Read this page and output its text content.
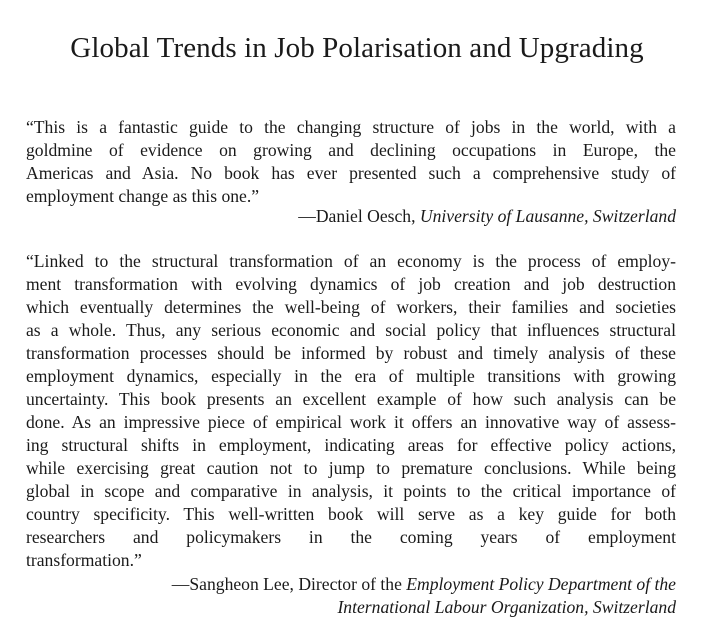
Global Trends in Job Polarisation and Upgrading
“This is a fantastic guide to the changing structure of jobs in the world, with a
goldmine of evidence on growing and declining occupations in Europe, the
Americas and Asia. No book has ever presented such a comprehensive study of
employment change as this one.”
—Daniel Oesch, University of Lausanne, Switzerland
“Linked to the structural transformation of an economy is the process of employ-
ment transformation with evolving dynamics of job creation and job destruction
which eventually determines the well-being of workers, their families and societies
as a whole. Thus, any serious economic and social policy that influences structural
transformation processes should be informed by robust and timely analysis of these
employment dynamics, especially in the era of multiple transitions with growing
uncertainty. This book presents an excellent example of how such analysis can be
done. As an impressive piece of empirical work it offers an innovative way of assess-
ing structural shifts in employment, indicating areas for effective policy actions,
while exercising great caution not to jump to premature conclusions. While being
global in scope and comparative in analysis, it points to the critical importance of
country specificity. This well-written book will serve as a key guide for both
researchers and policymakers in the coming years of employment
transformation.”
—Sangheon Lee, Director of the Employment Policy Department of the
International Labour Organization, Switzerland
